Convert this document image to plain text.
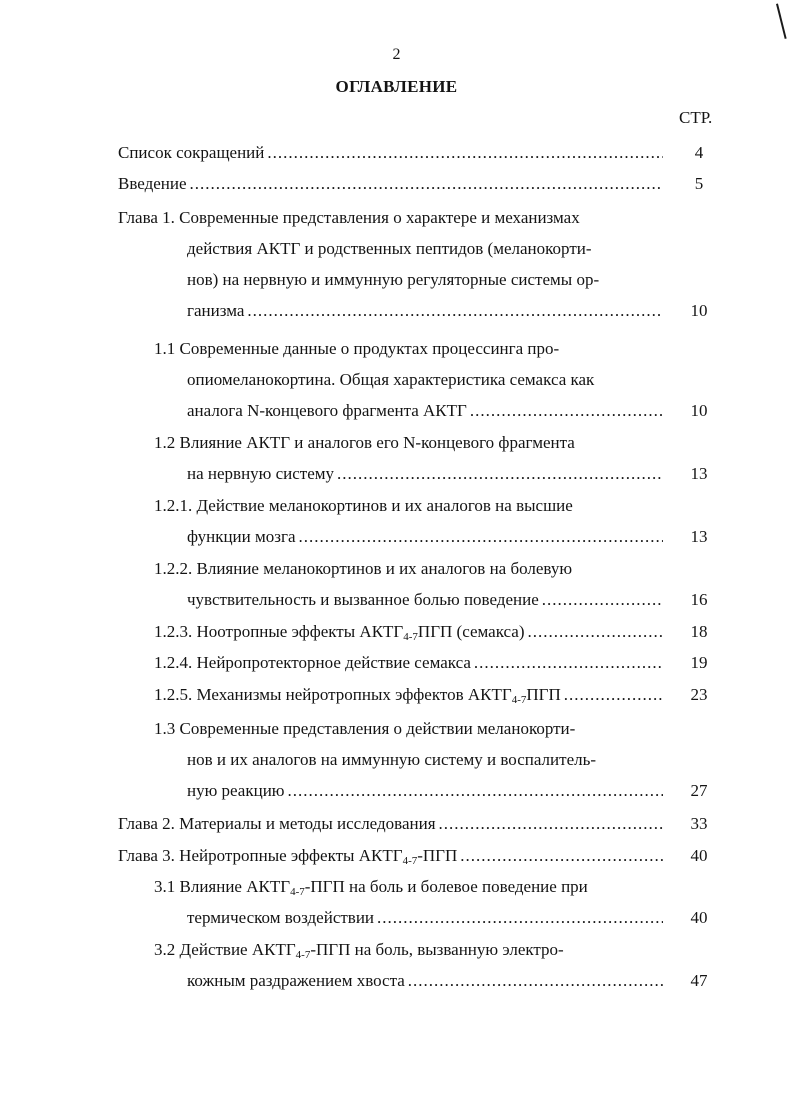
2
ОГЛАВЛЕНИЕ
СТР.
Список сокращений .....	4
Введение .....	5
Глава 1. Современные представления о характере и механизмах
действия АКТГ и родственных пептидов (меланокорти-
нов) на нервную и иммунную регуляторные системы ор-
ганизма .....	10
1.1 Современные данные о продуктах процессинга про-
опиомеланокортина. Общая характеристика семакса как
аналога N-концевого фрагмента АКТГ .....	10
1.2 Влияние АКТГ и аналогов его N-концевого фрагмента
на нервную систему .....	13
1.2.1. Действие меланокортинов и их аналогов на высшие
функции мозга .....	13
1.2.2. Влияние меланокортинов и их аналогов на болевую
чувствительность и вызванное болью поведение .....	16
1.2.3. Ноотропные эффекты $АКТГ_{4-7}ПГП$ (семакса) .....	18
1.2.4. Нейропротекторное действие семакса .....	19
1.2.5. Механизмы нейротропных эффектов $АКТГ_{4-7}ПГП$ .....	23
1.3 Современные представления о действии меланокорти-
нов и их аналогов на иммунную систему и воспалитель-
ную реакцию .....	27
Глава 2. Материалы и методы исследования .....	33
Глава 3. Нейротропные эффекты $АКТГ_{4-7}$-ПГП .....	40
3.1 Влияние $АКТГ_{4-7}$-ПГП на боль и болевое поведение при
термическом воздействии .....	40
3.2 Действие $АКТГ_{4-7}$-ПГП на боль, вызванную электро-
кожным раздражением хвоста .....	47
